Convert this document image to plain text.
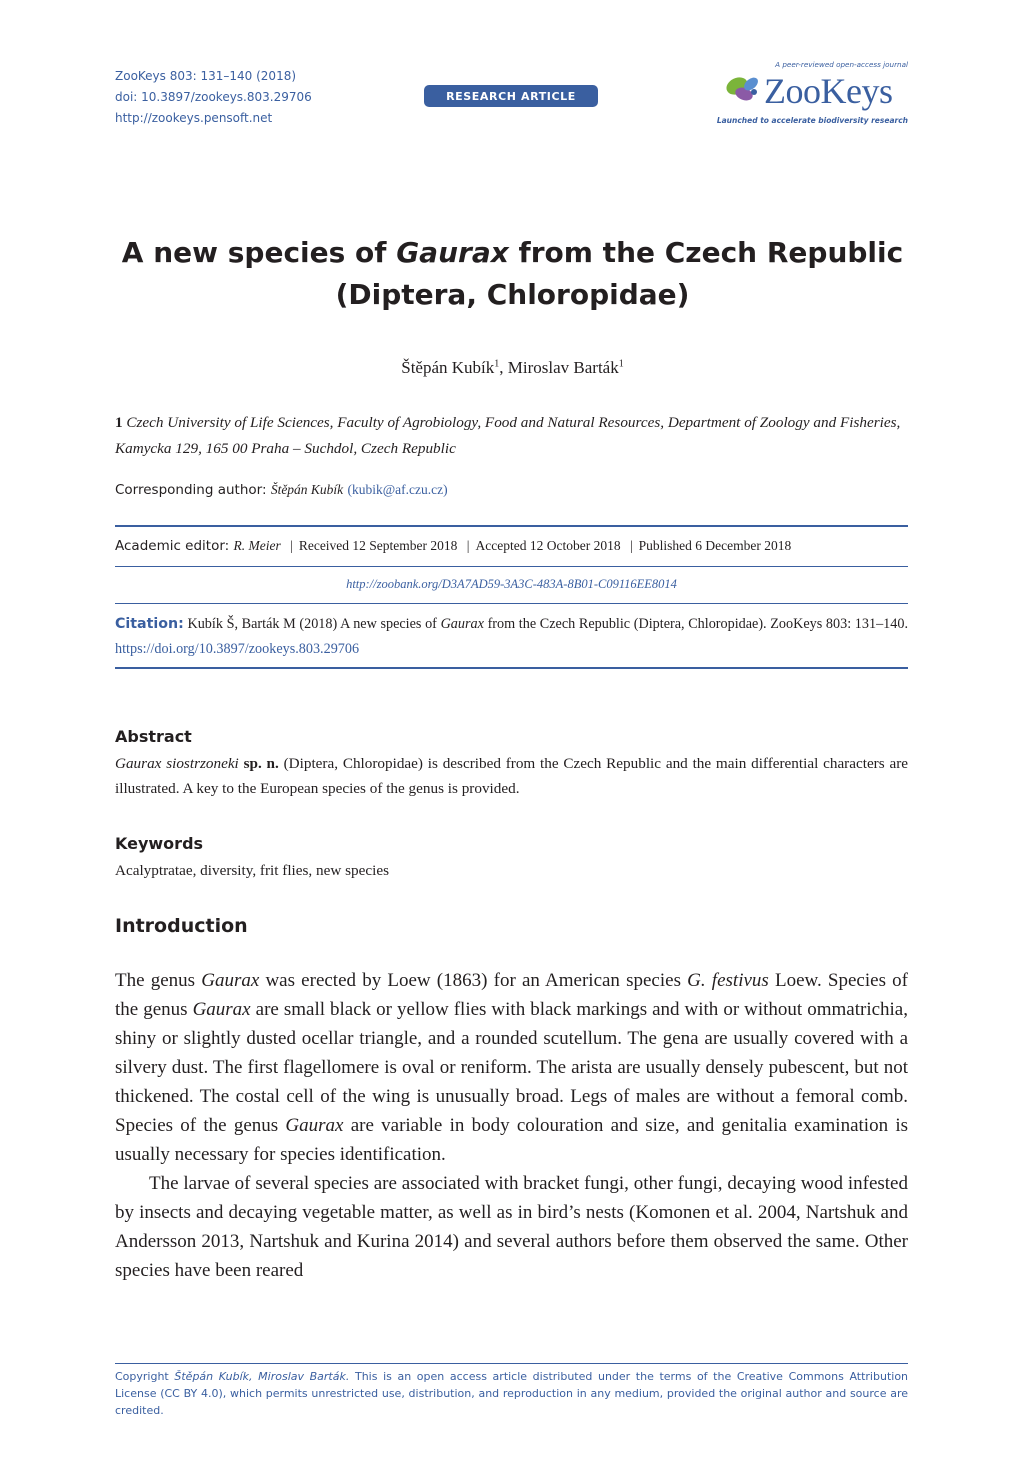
ZooKeys 803: 131–140 (2018)
doi: 10.3897/zookeys.803.29706
http://zookeys.pensoft.net
RESEARCH ARTICLE
A peer-reviewed open-access journal
ZooKeys
Launched to accelerate biodiversity research
A new species of Gaurax from the Czech Republic
(Diptera, Chloropidae)
Štěpán Kubík$^1$, Miroslav Barták$^1$
1 Czech University of Life Sciences, Faculty of Agrobiology, Food and Natural Resources, Department of Zoology and Fisheries, Kamycka 129, 165 00 Praha – Suchdol, Czech Republic
Corresponding author: Štěpán Kubík (kubik@af.czu.cz)
Academic editor: R. Meier | Received 12 September 2018 | Accepted 12 October 2018 | Published 6 December 2018
http://zoobank.org/D3A7AD59-3A3C-483A-8B01-C09116EE8014
Citation: Kubík Š, Barták M (2018) A new species of Gaurax from the Czech Republic (Diptera, Chloropidae). ZooKeys 803: 131–140. https://doi.org/10.3897/zookeys.803.29706
Abstract
Gaurax siostrzoneki sp. n. (Diptera, Chloropidae) is described from the Czech Republic and the main differential characters are illustrated. A key to the European species of the genus is provided.
Keywords
Acalyptratae, diversity, frit flies, new species
Introduction

The genus Gaurax was erected by Loew (1863) for an American species G. festivus Loew. Species of the genus Gaurax are small black or yellow flies with black markings and with or without ommatrichia, shiny or slightly dusted ocellar triangle, and a rounded scutellum. The gena are usually covered with a silvery dust. The first flagellomere is oval or reniform. The arista are usually densely pubescent, but not thickened. The costal cell of the wing is unusually broad. Legs of males are without a femoral comb. Species of the genus Gaurax are variable in body colouration and size, and genitalia examination is usually necessary for species identification.

The larvae of several species are associated with bracket fungi, other fungi, decaying wood infested by insects and decaying vegetable matter, as well as in bird’s nests (Komonen et al. 2004, Nartshuk and Andersson 2013, Nartshuk and Kurina 2014) and several authors before them observed the same. Other species have been reared

Copyright Štěpán Kubík, Miroslav Barták. This is an open access article distributed under the terms of the Creative Commons Attribution License (CC BY 4.0), which permits unrestricted use, distribution, and reproduction in any medium, provided the original author and source are credited.
